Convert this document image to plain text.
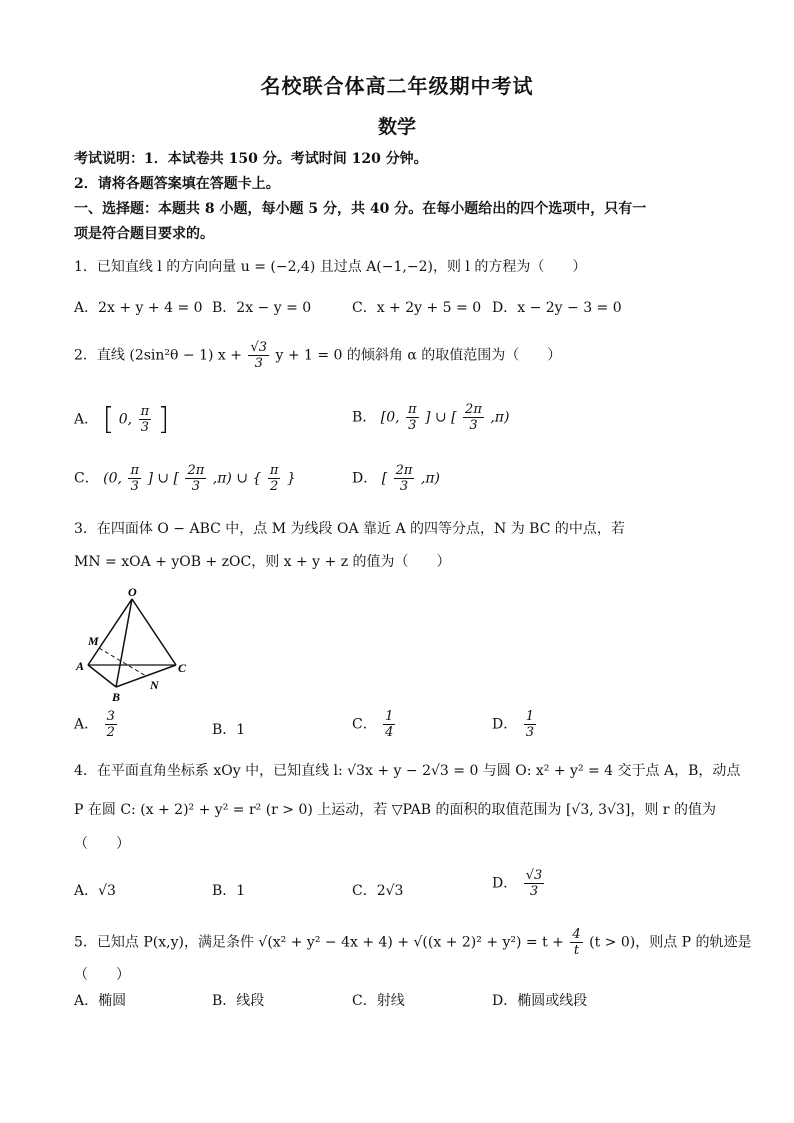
名校联合体高二年级期中考试
数学
考试说明：1．本试卷共 150 分。考试时间 120 分钟。
2．请将各题答案填在答题卡上。
一、选择题：本题共 8 小题，每小题 5 分，共 40 分。在每小题给出的四个选项中，只有一
项是符合题目要求的。
1．已知直线 l 的方向向量 u = (−2,4) 且过点 A(−1,−2)，则 l 的方程为（　　）
A．2x + y + 4 = 0 B．2x − y = 0	C．x + 2y + 5 = 0 D．x − 2y − 3 = 0
2．直线 (2sin²θ − 1) $x + \frac{√3}{3}$ y + 1 = 0 的倾斜角 α 的取值范围为（　　）
A． [ 0, $\frac{\pi}{3}$ ]	B． [0, $\frac{\pi}{3}$ ] ∪ [ $\frac{2\pi}{3} ,\pi$)
C． (0, $\frac{\pi}{3}$ ] ∪ [ $\frac{2\pi}{3} ,\pi$) ∪ { $\frac{\pi}{2}$ }	D． [ $\frac{2\pi}{3} ,\pi$)
3．在四面体 O − ABC 中，点 M 为线段 OA 靠近 A 的四等分点，N 为 BC 的中点，若
MN = xOA + yOB + zOC，则 x + y + z 的值为（　　）
O
M
A
B
C
N
A． $\frac{3}{2}$	B．1	C． $\frac{1}{4}$	D． $\frac{1}{3}$
4．在平面直角坐标系 xOy 中，已知直线 l: √3x + y − 2√3 = 0 与圆 O: x² + y² = 4 交于点 A，B，动点
P 在圆 C: (x + 2)² + y² = r² (r > 0) 上运动，若 ▽PAB 的面积的取值范围为 [√3, 3√3]，则 r 的值为
（　　）
A．√3	B．1	C．2√3	D． $\frac{√3}{3}$
5．已知点 P(x,y)，满足条件 $√(x^2 + y^2 - 4x + 4) + √((x + 2)^2 + y^2) = t + \frac{4}{t} (t > 0)$，则点 P 的轨迹是
（　　）
A．椭圆	B．线段	C．射线	D．椭圆或线段
